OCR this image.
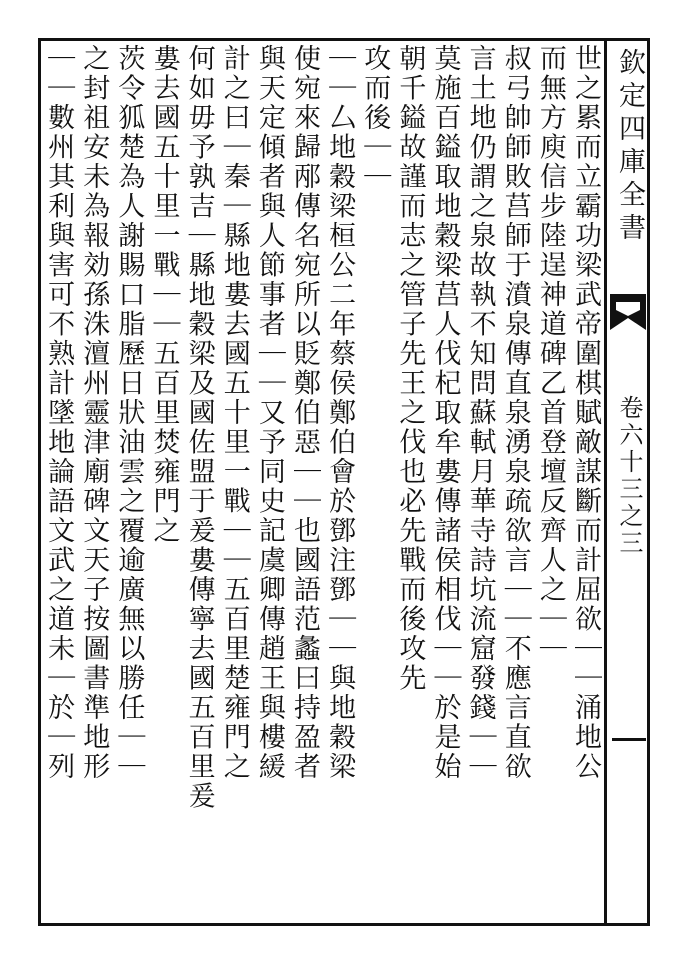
欽定四庫全書
卷六十三之三
世之累而立霸功梁武帝圍棋賦敵謀斷而計屈欲｜｜涌地公
而無方庾信步陸逞神道碑乙首登壇反齊人之｜｜
叔弓帥師敗莒師于濆泉傳直泉湧泉疏欲言｜｜不應言直欲
言土地仍謂之泉故執不知問蘇軾月華寺詩坑流窟發錢｜｜
莫施百鎰取地穀梁莒人伐杞取牟婁傳諸侯相伐｜｜於是始
朝千鎰故謹而志之管子先王之伐也必先戰而後攻先
攻而後｜｜
｜｜厶地穀梁桓公二年蔡侯鄭伯會於鄧注鄧｜｜與地穀梁
使宛來歸邴傳名宛所以貶鄭伯惡｜｜也國語范蠡曰持盈者
與天定傾者與人節事者｜｜又予同史記虞卿傳趙王與樓緩
計之曰｜秦｜縣地婁去國五十里一戰｜｜五百里楚雍門之
何如毋予孰吉｜縣地穀梁及國佐盟于爰婁傳寧去國五百里爰
婁去國五十里一戰｜｜五百里焚雍門之
茨令狐楚為人謝賜口脂歷日狀油雲之覆逾廣無以勝任｜｜
之封祖安未為報効孫洙澶州靈津廟碑文天子按圖書準地形
｜｜數州其利與害可不熟計墜地論語文武之道未｜於｜列
